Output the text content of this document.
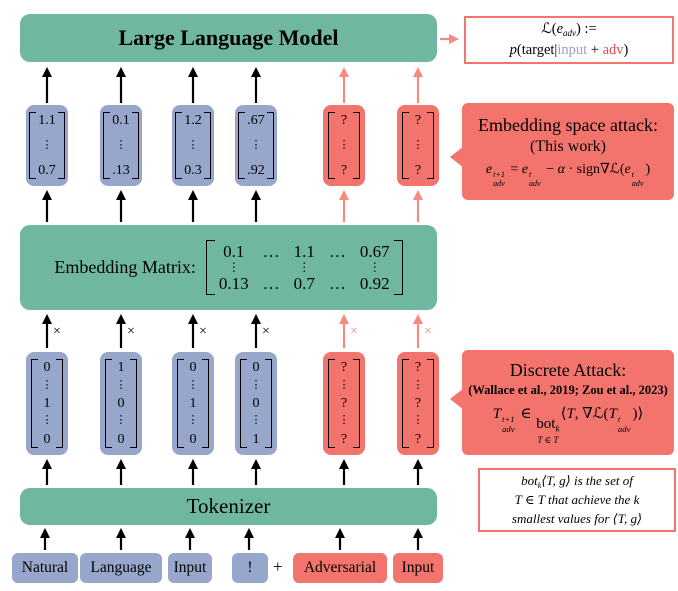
Large Language Model	$ℒ(e_{adv})$ :=
p(target|input + adv)
1.1
⋮
0.7
0.1
⋮
.13
1.2
⋮
0.3
.67
⋮
.92
?
⋮
?
?
⋮
?
Embedding Matrix:
0.1 … 1.1 … 0.67
⋮	⋮	⋮
0.13 … 0.7 … 0.92
×	×	×	×	×	×
0
⋮
1
⋮
0
1
⋮
0
⋮
0
0
⋮
1
⋮
0
0
⋮
0
⋮
1
?
⋮
?
⋮
?
?
⋮
?
⋮
?
Tokenizer
Natural Language Input	! + Adversarial Input
Embedding space attack:
(This work)
e t+1
adv
= e t
adv
− α · sign∇ℒ(e t
adv
)
Discrete Attack:
(Wallace et al., 2019; Zou et al., 2023)
T t+1
adv
∈
bot$_k$
T ∈ T
⟨T, ∇ℒ(T t
adv
)⟩
bot$_k$⟨T, g⟩ is the set of
T ∈ T that achieve the k
smallest values for ⟨T, g⟩
